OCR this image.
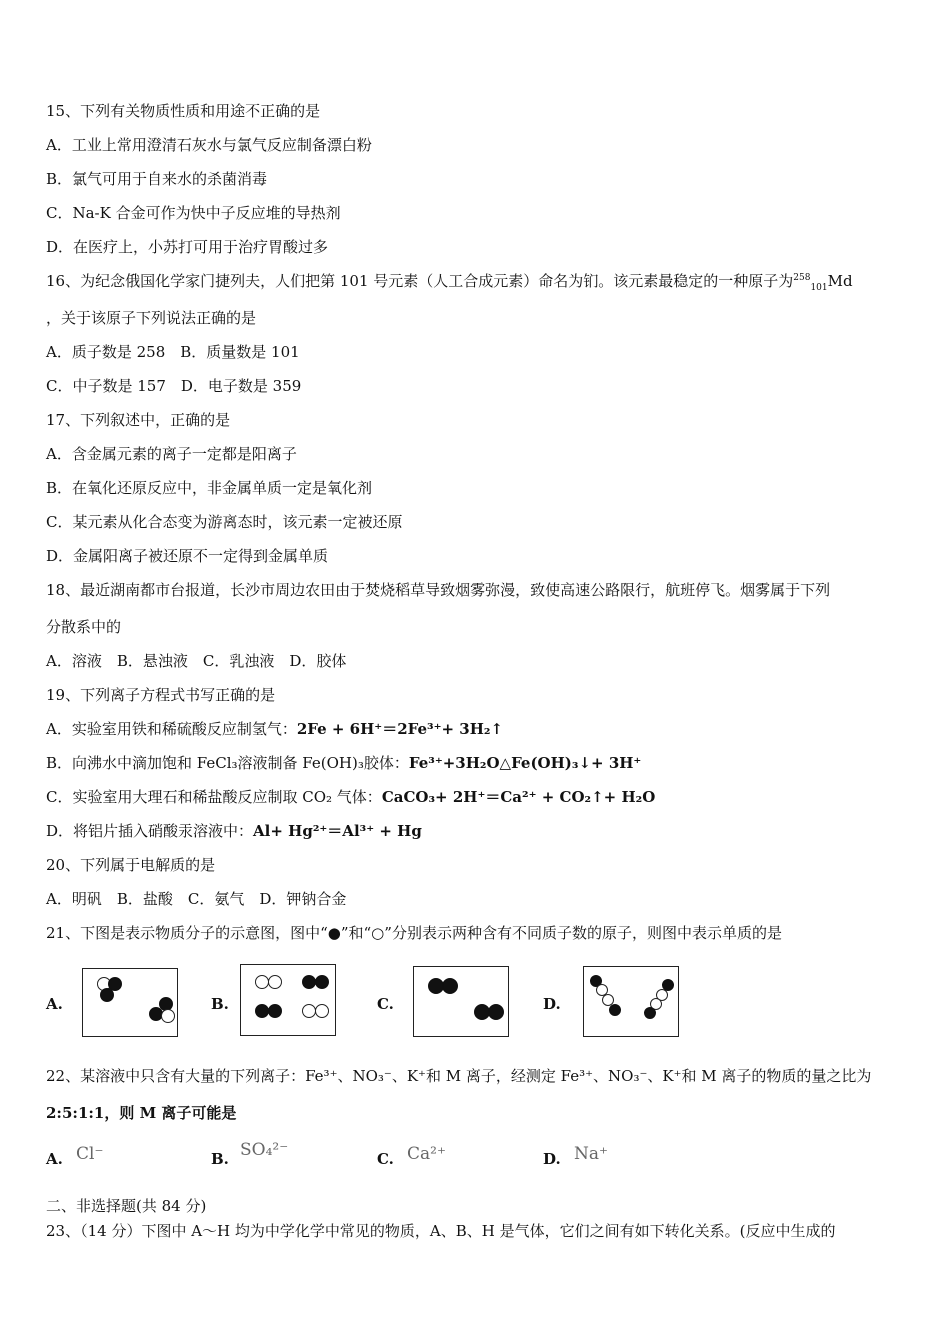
15、下列有关物质性质和用途不正确的是
A．工业上常用澄清石灰水与氯气反应制备漂白粉
B．氯气可用于自来水的杀菌消毒
C．Na-K 合金可作为快中子反应堆的导热剂
D．在医疗上，小苏打可用于治疗胃酸过多
16、为纪念俄国化学家门捷列夫，人们把第 101 号元素（人工合成元素）命名为钔。该元素最稳定的一种原子为$^{258}_{101}$Md
，关于该原子下列说法正确的是
A．质子数是 258　B．质量数是 101
C．中子数是 157　D．电子数是 359
17、下列叙述中，正确的是
A．含金属元素的离子一定都是阳离子
B．在氧化还原反应中，非金属单质一定是氧化剂
C．某元素从化合态变为游离态时，该元素一定被还原
D．金属阳离子被还原不一定得到金属单质
18、最近湖南都市台报道，长沙市周边农田由于焚烧稻草导致烟雾弥漫，致使高速公路限行，航班停飞。烟雾属于下列
分散系中的
A．溶液　B．悬浊液　C．乳浊液　D．胶体
19、下列离子方程式书写正确的是
A．实验室用铁和稀硫酸反应制氢气：2Fe + 6H⁺＝2Fe³⁺+ 3H₂↑
B．向沸水中滴加饱和 FeCl₃溶液制备 Fe(OH)₃胶体：Fe³⁺+3H₂O△Fe(OH)₃↓+ 3H⁺
C．实验室用大理石和稀盐酸反应制取 CO₂ 气体：CaCO₃+ 2H⁺＝Ca²⁺ + CO₂↑+ H₂O
D．将铝片插入硝酸汞溶液中：Al+ Hg²⁺＝Al³⁺ + Hg
20、下列属于电解质的是
A．明矾　B．盐酸　C．氨气　D．钾钠合金
21、下图是表示物质分子的示意图，图中“●”和“○”分别表示两种含有不同质子数的原子，则图中表示单质的是
A.	B.	C.	D.
22、某溶液中只含有大量的下列离子：Fe³⁺、NO₃⁻、K⁺和 M 离子，经测定 Fe³⁺、NO₃⁻、K⁺和 M 离子的物质的量之比为
2:5:1:1，则 M 离子可能是
A. Cl⁻	B. SO₄²⁻	C. Ca²⁺	D. Na⁺
二、非选择题(共 84 分)
23、（14 分）下图中 A～H 均为中学化学中常见的物质，A、B、H 是气体，它们之间有如下转化关系。(反应中生成的
